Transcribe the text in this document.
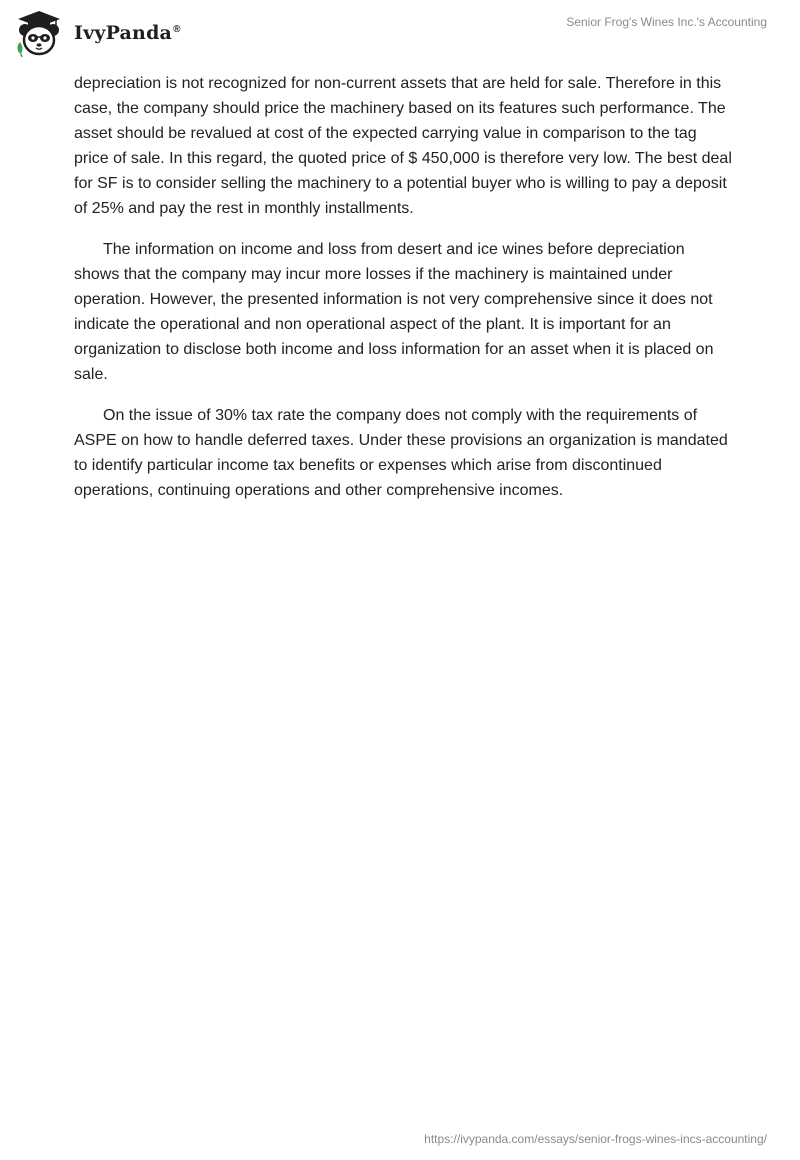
IvyPanda®
Senior Frog's Wines Inc.'s Accounting

depreciation is not recognized for non-current assets that are held for sale. Therefore in this case, the company should price the machinery based on its features such performance. The asset should be revalued at cost of the expected carrying value in comparison to the tag price of sale. In this regard, the quoted price of $ 450,000 is therefore very low. The best deal for SF is to consider selling the machinery to a potential buyer who is willing to pay a deposit of 25% and pay the rest in monthly installments.

The information on income and loss from desert and ice wines before depreciation shows that the company may incur more losses if the machinery is maintained under operation. However, the presented information is not very comprehensive since it does not indicate the operational and non operational aspect of the plant. It is important for an organization to disclose both income and loss information for an asset when it is placed on sale.

On the issue of 30% tax rate the company does not comply with the requirements of ASPE on how to handle deferred taxes. Under these provisions an organization is mandated to identify particular income tax benefits or expenses which arise from discontinued operations, continuing operations and other comprehensive incomes.

https://ivypanda.com/essays/senior-frogs-wines-incs-accounting/
